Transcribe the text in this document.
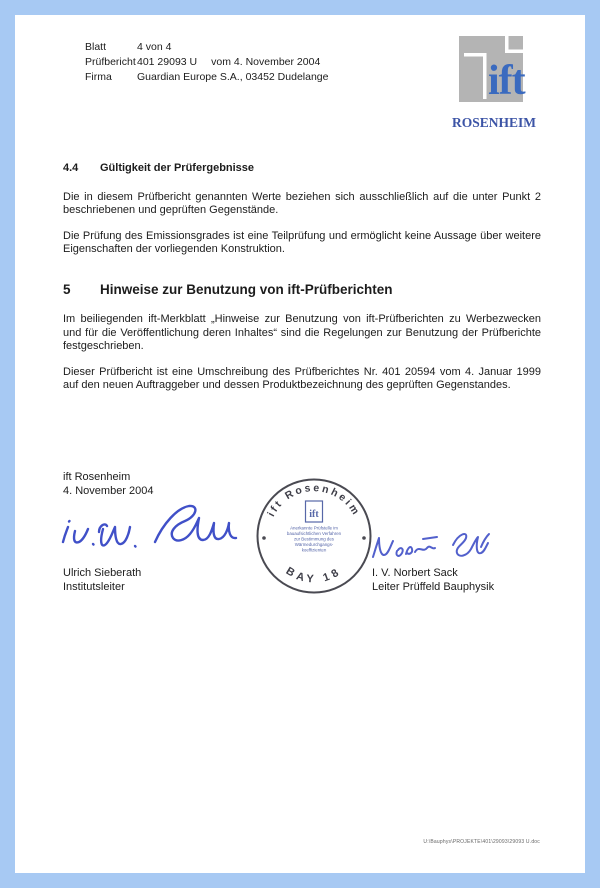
Blatt	4 von 4
Prüfbericht 401 29093 U vom 4. November 2004
Firma	Guardian Europe S.A., 03452 Dudelange	ift
ROSENHEIM
4.4	Gültigkeit der Prüfergebnisse

Die in diesem Prüfbericht genannten Werte beziehen sich ausschließlich auf die unter Punkt 2 beschriebenen und geprüften Gegenstände.

Die Prüfung des Emissionsgrades ist eine Teilprüfung und ermöglicht keine Aussage über weitere Eigenschaften der vorliegenden Konstruktion.

5	Hinweise zur Benutzung von ift-Prüfberichten

Im beiliegenden ift-Merkblatt „Hinweise zur Benutzung von ift-Prüfberichten zu Werbezwecken und für die Veröffentlichung deren Inhaltes“ sind die Regelungen zur Benutzung der Prüfberichte festgeschrieben.

Dieser Prüfbericht ist eine Umschreibung des Prüfberichtes Nr. 401 20594 vom 4. Januar 1999 auf den neuen Auftraggeber und dessen Produktbezeichnung des geprüften Gegenstandes.

ift Rosenheim
4. November 2004
ift Rosenheim
BAY 18
ift
Anerkannte Prüfstelle im
bauaufsichtlichen Verfahren
zur Bestimmung des
Wärmedurchgangs-
koeffizienten
Ulrich Sieberath
Institutsleiter
I. V. Norbert Sack
Leiter Prüffeld Bauphysik
U:\Bauphys\PROJEKTE\401\29093\29093 U.doc
